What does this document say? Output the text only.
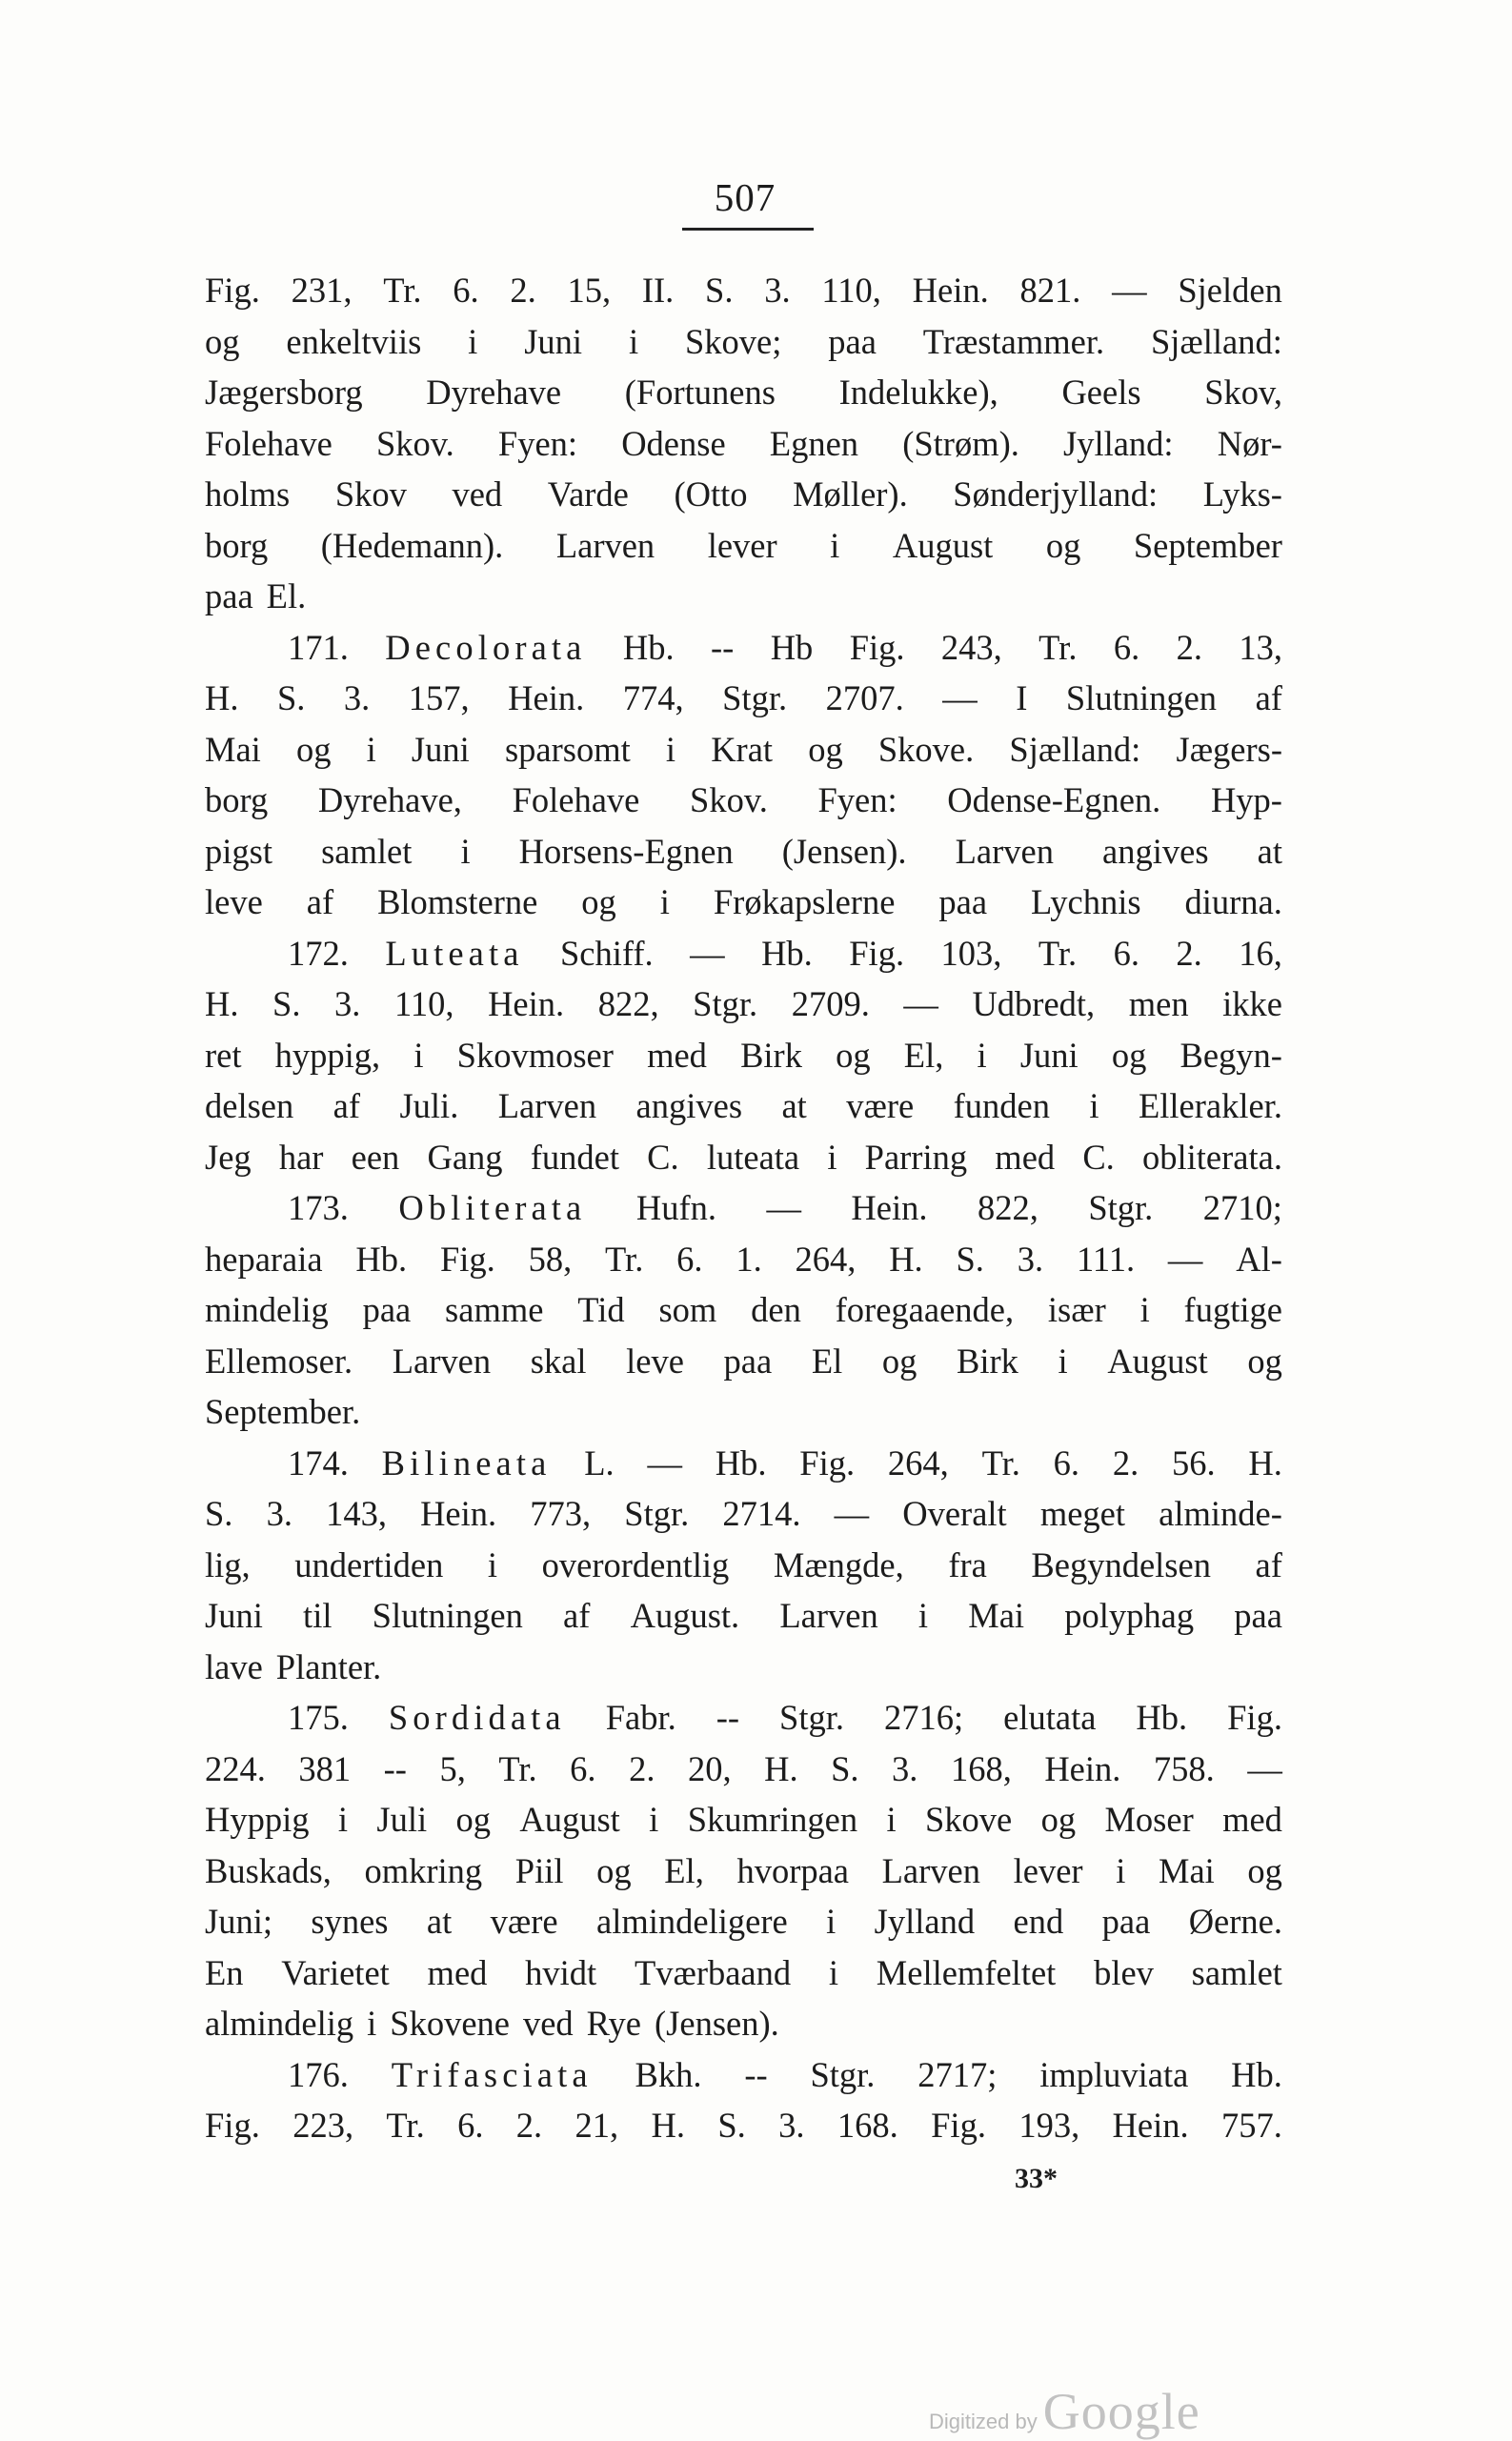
507
Fig. 231, Tr. 6. 2. 15, II. S. 3. 110, Hein. 821. — Sjelden
og enkeltviis i Juni i Skove; paa Træstammer. Sjælland:
Jægersborg Dyrehave (Fortunens Indelukke), Geels Skov,
Folehave Skov. Fyen: Odense Egnen (Strøm). Jylland: Nør-
holms Skov ved Varde (Otto Møller). Sønderjylland: Lyks-
borg (Hedemann). Larven lever i August og September
paa El.
171. Decolorata Hb. -- Hb Fig. 243, Tr. 6. 2. 13,
H. S. 3. 157, Hein. 774, Stgr. 2707. — I Slutningen af
Mai og i Juni sparsomt i Krat og Skove. Sjælland: Jægers-
borg Dyrehave, Folehave Skov. Fyen: Odense-Egnen. Hyp-
pigst samlet i Horsens-Egnen (Jensen). Larven angives at
leve af Blomsterne og i Frøkapslerne paa Lychnis diurna.
172. Luteata Schiff. — Hb. Fig. 103, Tr. 6. 2. 16,
H. S. 3. 110, Hein. 822, Stgr. 2709. — Udbredt, men ikke
ret hyppig, i Skovmoser med Birk og El, i Juni og Begyn-
delsen af Juli. Larven angives at være funden i Ellerakler.
Jeg har een Gang fundet C. luteata i Parring med C. obliterata.
173. Obliterata Hufn. — Hein. 822, Stgr. 2710;
heparaia Hb. Fig. 58, Tr. 6. 1. 264, H. S. 3. 111. — Al-
mindelig paa samme Tid som den foregaaende, især i fugtige
Ellemoser. Larven skal leve paa El og Birk i August og
September.
174. Bilineata L. — Hb. Fig. 264, Tr. 6. 2. 56. H.
S. 3. 143, Hein. 773, Stgr. 2714. — Overalt meget alminde-
lig, undertiden i overordentlig Mængde, fra Begyndelsen af
Juni til Slutningen af August. Larven i Mai polyphag paa
lave Planter.
175. Sordidata Fabr. -- Stgr. 2716; elutata Hb. Fig.
224. 381 -- 5, Tr. 6. 2. 20, H. S. 3. 168, Hein. 758. —
Hyppig i Juli og August i Skumringen i Skove og Moser med
Buskads, omkring Piil og El, hvorpaa Larven lever i Mai og
Juni; synes at være almindeligere i Jylland end paa Øerne.
En Varietet med hvidt Tværbaand i Mellemfeltet blev samlet
almindelig i Skovene ved Rye (Jensen).
176. Trifasciata Bkh. -- Stgr. 2717; impluviata Hb.
Fig. 223, Tr. 6. 2. 21, H. S. 3. 168. Fig. 193, Hein. 757.
33*
Digitized by Google
